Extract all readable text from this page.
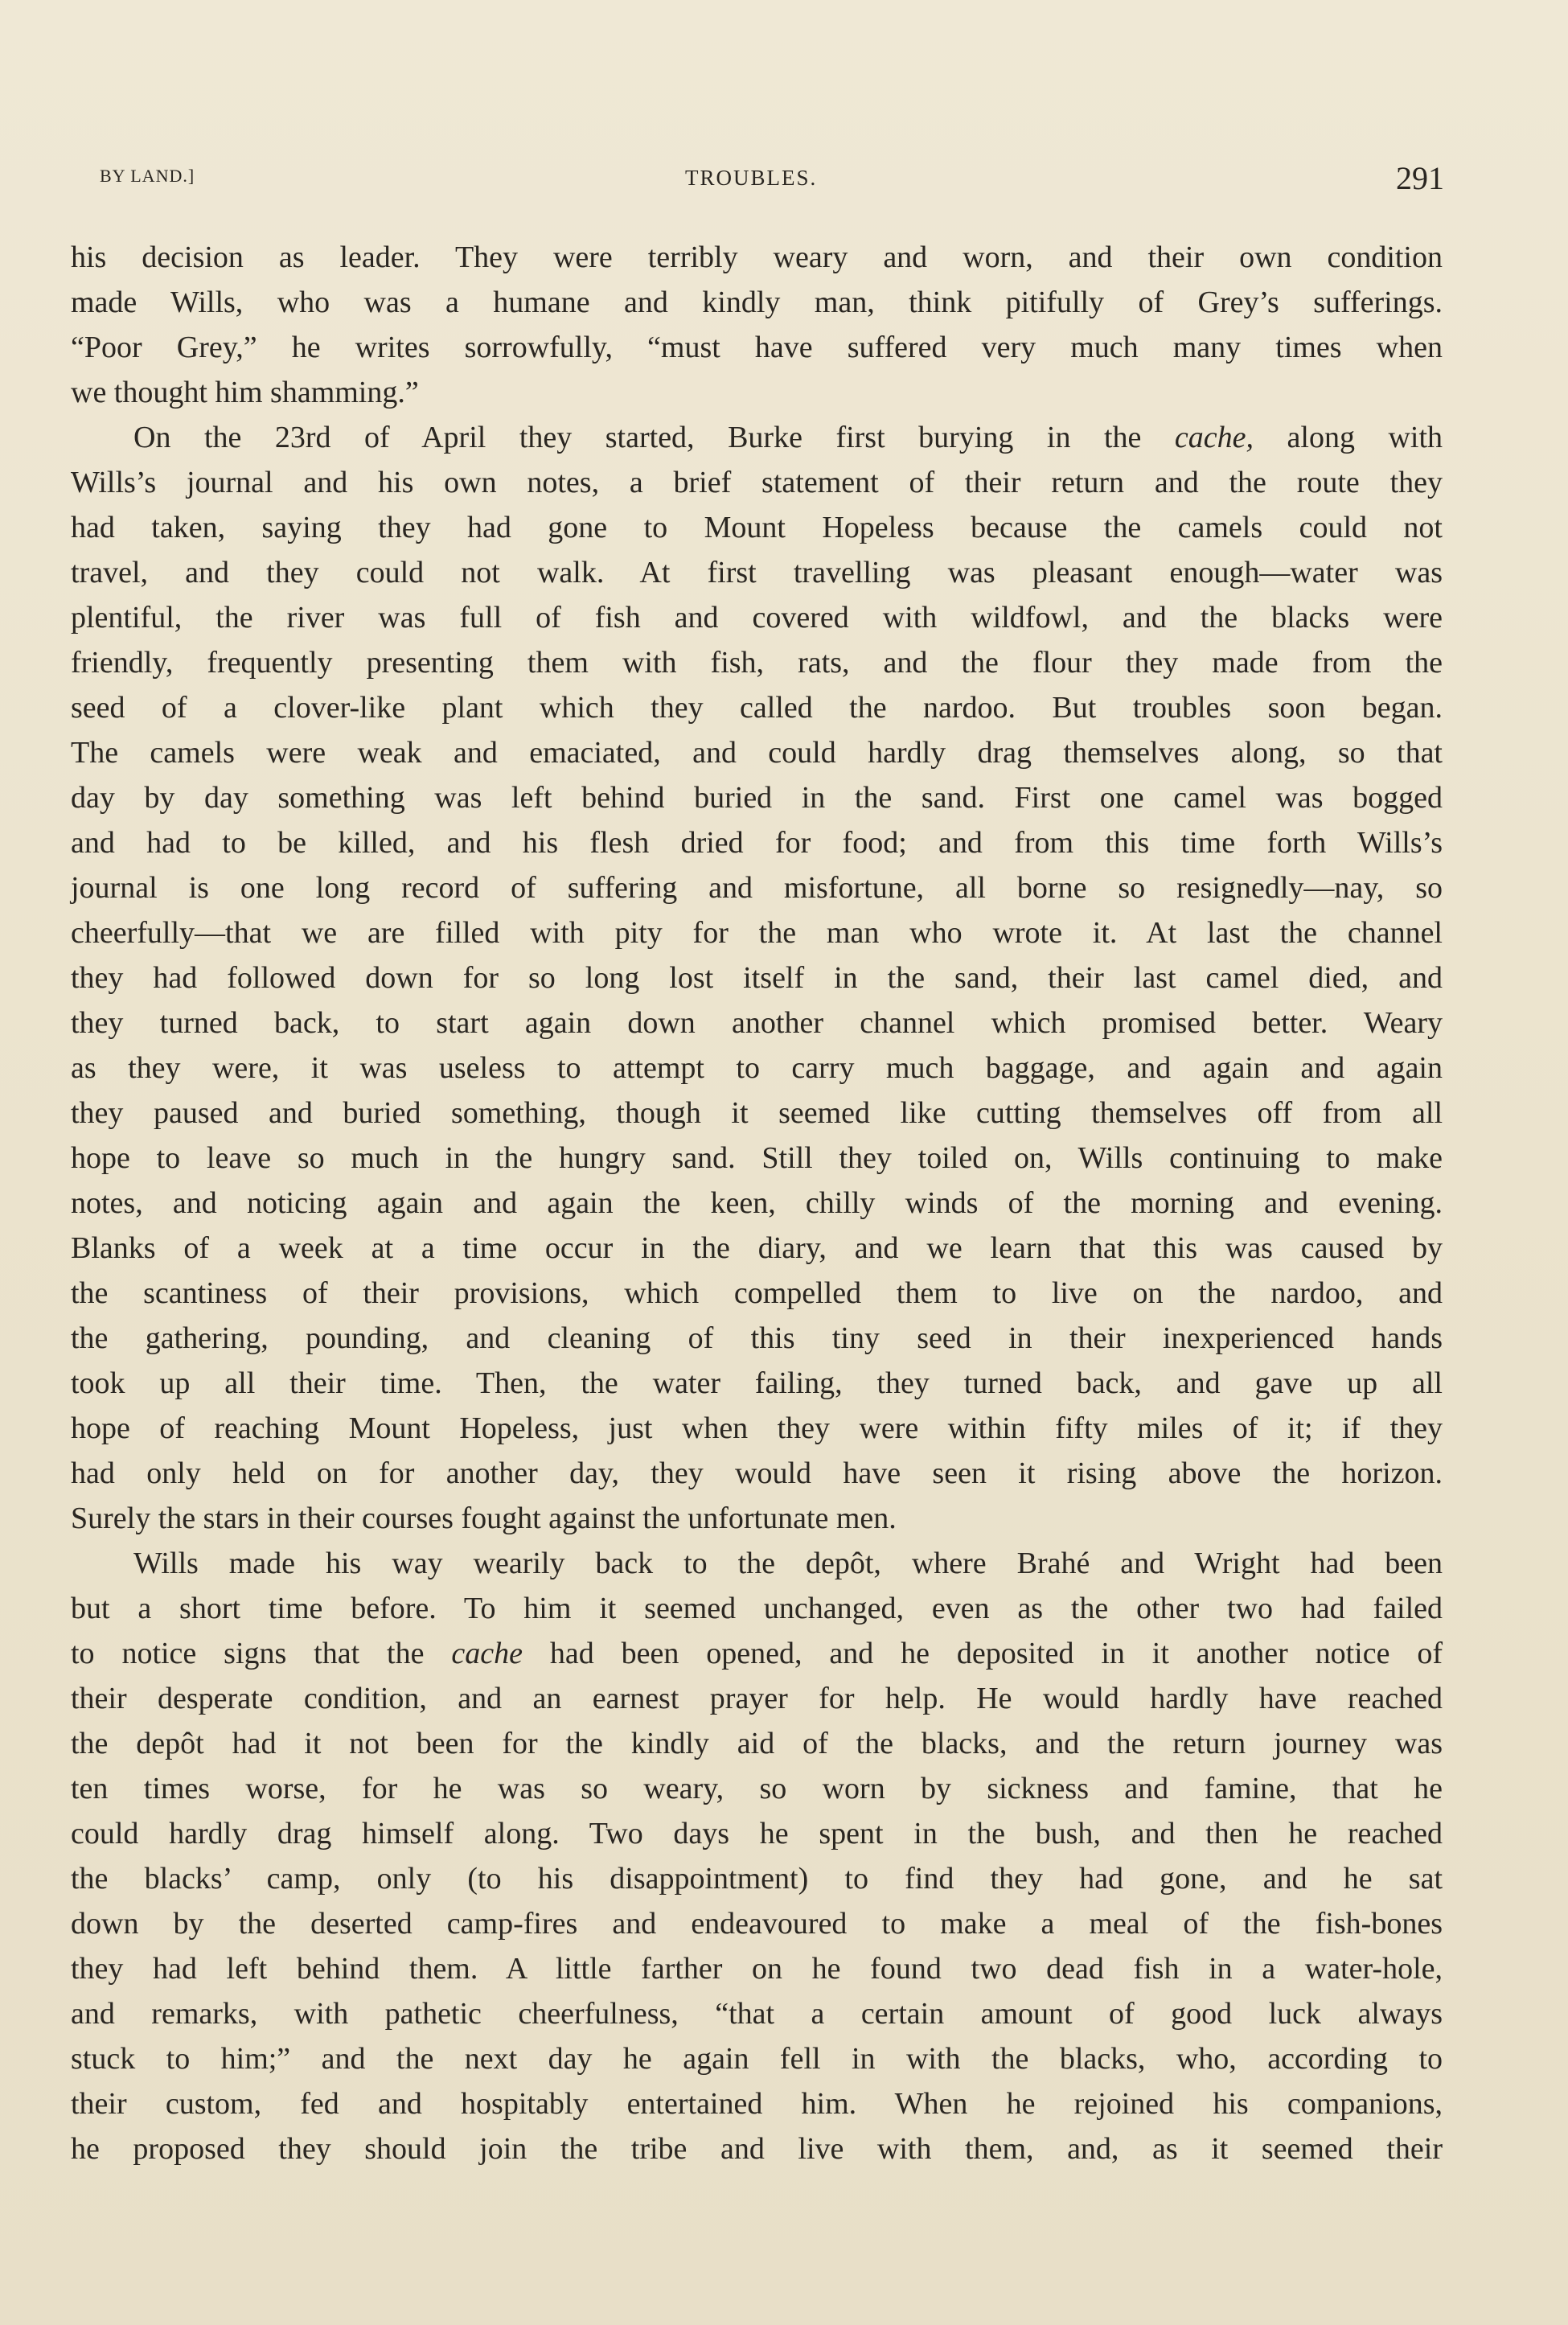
BY LAND.]	TROUBLES.	291
his decision as leader. They were terribly weary and worn, and their own condition
made Wills, who was a humane and kindly man, think pitifully of Grey’s sufferings.
“Poor Grey,” he writes sorrowfully, “must have suffered very much many times when
we thought him shamming.”
On the 23rd of April they started, Burke first burying in the cache, along with
Wills’s journal and his own notes, a brief statement of their return and the route they
had taken, saying they had gone to Mount Hopeless because the camels could not
travel, and they could not walk. At first travelling was pleasant enough—water was
plentiful, the river was full of fish and covered with wildfowl, and the blacks were
friendly, frequently presenting them with fish, rats, and the flour they made from the
seed of a clover-like plant which they called the nardoo. But troubles soon began.
The camels were weak and emaciated, and could hardly drag themselves along, so that
day by day something was left behind buried in the sand. First one camel was bogged
and had to be killed, and his flesh dried for food; and from this time forth Wills’s
journal is one long record of suffering and misfortune, all borne so resignedly—nay, so
cheerfully—that we are filled with pity for the man who wrote it. At last the channel
they had followed down for so long lost itself in the sand, their last camel died, and
they turned back, to start again down another channel which promised better. Weary
as they were, it was useless to attempt to carry much baggage, and again and again
they paused and buried something, though it seemed like cutting themselves off from all
hope to leave so much in the hungry sand. Still they toiled on, Wills continuing to make
notes, and noticing again and again the keen, chilly winds of the morning and evening.
Blanks of a week at a time occur in the diary, and we learn that this was caused by
the scantiness of their provisions, which compelled them to live on the nardoo, and
the gathering, pounding, and cleaning of this tiny seed in their inexperienced hands
took up all their time. Then, the water failing, they turned back, and gave up all
hope of reaching Mount Hopeless, just when they were within fifty miles of it; if they
had only held on for another day, they would have seen it rising above the horizon.
Surely the stars in their courses fought against the unfortunate men.
Wills made his way wearily back to the depôt, where Brahé and Wright had been
but a short time before. To him it seemed unchanged, even as the other two had failed
to notice signs that the cache had been opened, and he deposited in it another notice of
their desperate condition, and an earnest prayer for help. He would hardly have reached
the depôt had it not been for the kindly aid of the blacks, and the return journey was
ten times worse, for he was so weary, so worn by sickness and famine, that he
could hardly drag himself along. Two days he spent in the bush, and then he reached
the blacks’ camp, only (to his disappointment) to find they had gone, and he sat
down by the deserted camp-fires and endeavoured to make a meal of the fish-bones
they had left behind them. A little farther on he found two dead fish in a water-hole,
and remarks, with pathetic cheerfulness, “that a certain amount of good luck always
stuck to him;” and the next day he again fell in with the blacks, who, according to
their custom, fed and hospitably entertained him. When he rejoined his companions,
he proposed they should join the tribe and live with them, and, as it seemed their
